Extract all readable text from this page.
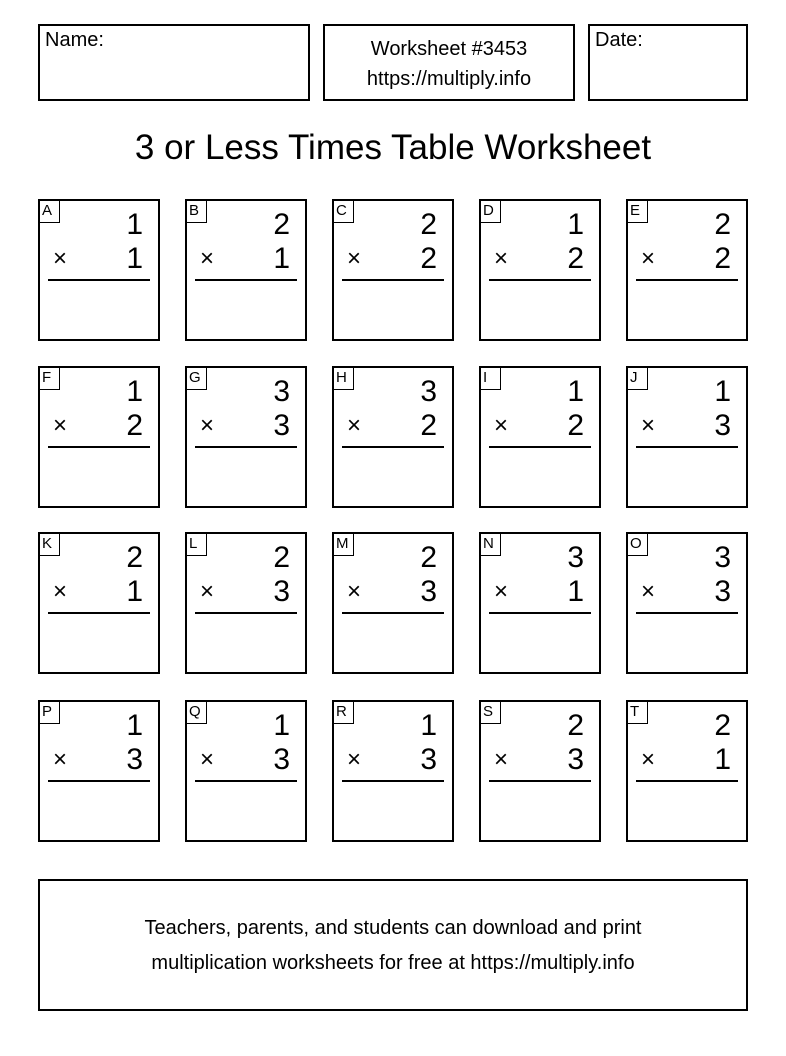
Name:	Worksheet #3453
https://multiply.info
Date:
3 or Less Times Table Worksheet
A 1
× 1
B 2
× 1
C 2
× 2
D 1
× 2
E 2
× 2
F	1
× 2
G 3
× 3
H 3
× 2
I	1
× 2
J	1
× 3
K 2
× 1
L	2
× 3
M 2
× 3
N 3
× 1
O 3
× 3
P 1
× 3
Q 1
× 3
R 1
× 3
S 2
× 3
T	2
× 1
Teachers, parents, and students can download and print
multiplication worksheets for free at https://multiply.info
